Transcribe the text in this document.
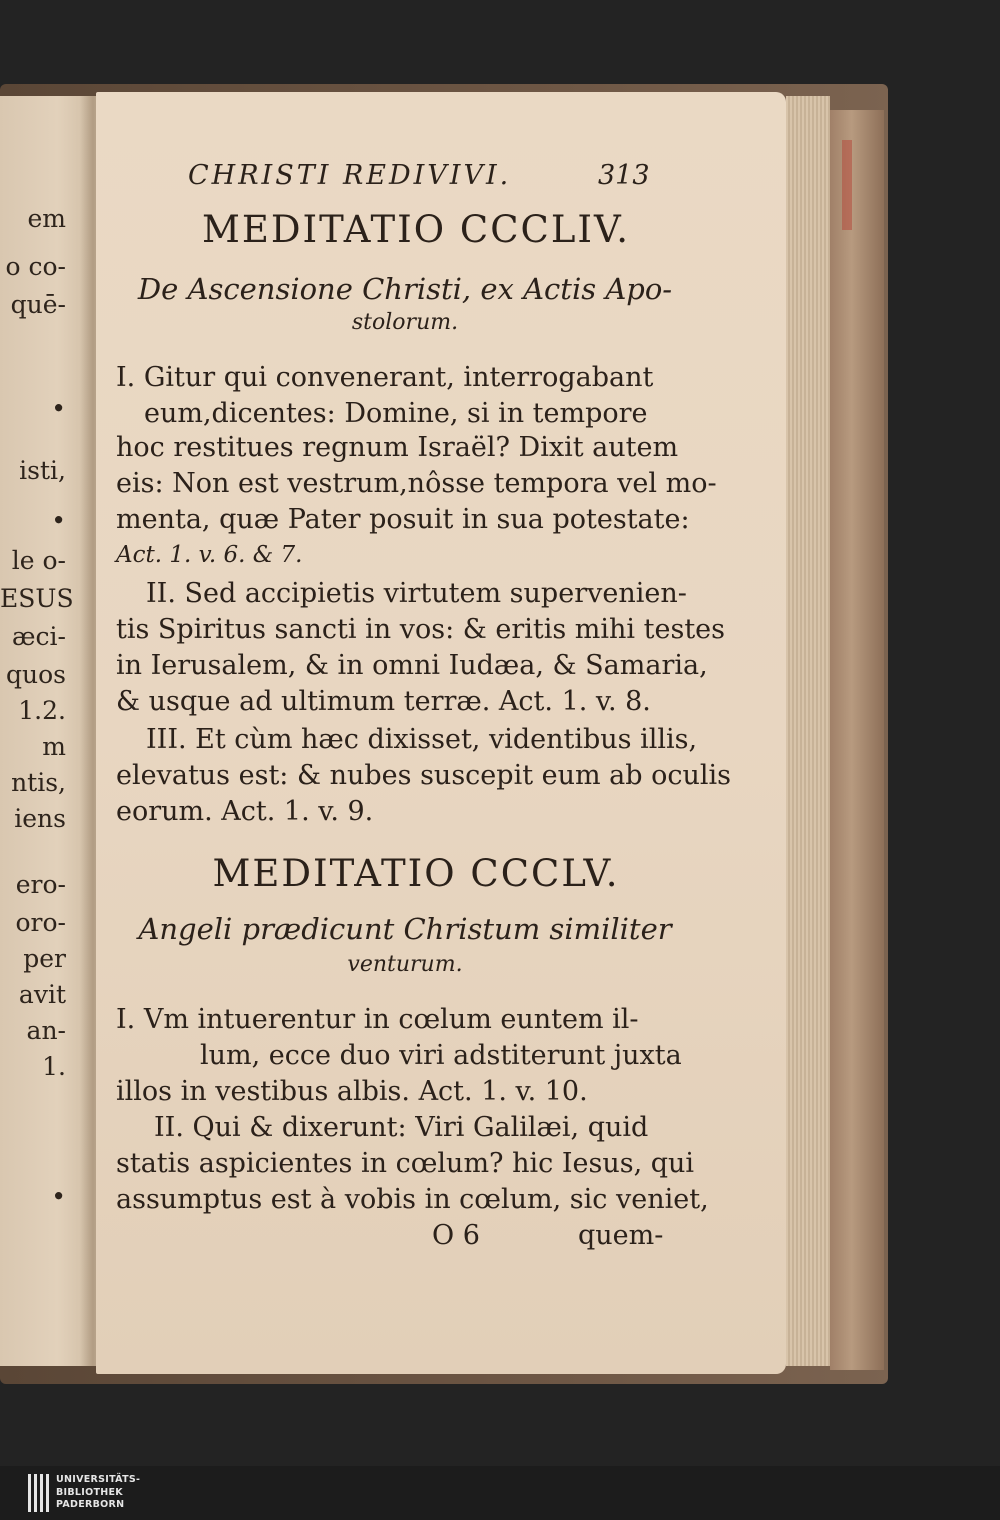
em
o co-
quē-
•
isti,
•
le o-
ESUS
æci-
quos
1.2.
m
ntis,
iens
ero-
oro-
per
avit
an-
1.
•
CHRISTI REDIVIVI.	313
MEDITATIO CCCLIV.
De Ascensione Christi, ex Actis Apo-
stolorum.
I. Gitur qui convenerant, interrogabant
eum,dicentes: Domine, si in tempore
hoc restitues regnum Israël? Dixit autem
eis: Non est vestrum,nôsse tempora vel mo-
menta, quæ Pater posuit in sua potestate:
Act. 1. v. 6. & 7.
II. Sed accipietis virtutem supervenien-
tis Spiritus sancti in vos: & eritis mihi testes
in Ierusalem, & in omni Iudæa, & Samaria,
& usque ad ultimum terræ. Act. 1. v. 8.
III. Et cùm hæc dixisset, videntibus illis,
elevatus est: & nubes suscepit eum ab oculis
eorum. Act. 1. v. 9.
MEDITATIO CCCLV.
Angeli prædicunt Christum similiter
venturum.
I. Vm intuerentur in cœlum euntem il-
lum, ecce duo viri adstiterunt juxta
illos in vestibus albis. Act. 1. v. 10.
II. Qui & dixerunt: Viri Galilæi, quid
statis aspicientes in cœlum? hic Iesus, qui
assumptus est à vobis in cœlum, sic veniet,
O 6	quem-
UNIVERSITÄTS-
BIBLIOTHEK
PADERBORN
